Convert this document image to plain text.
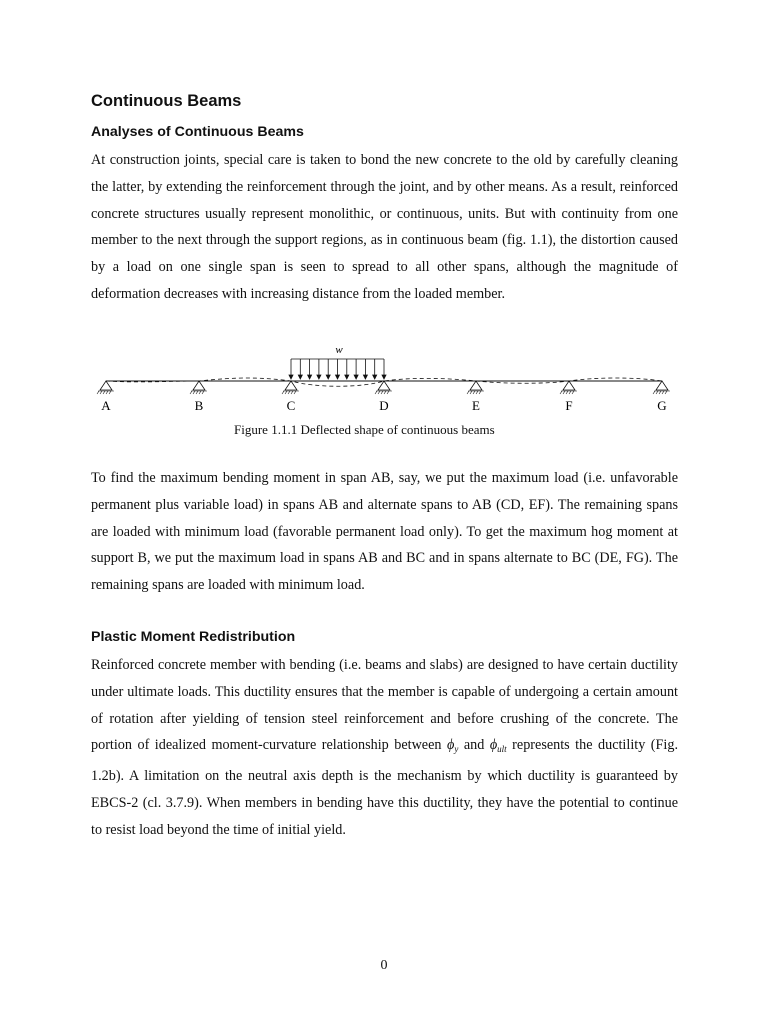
Continuous Beams
Analyses of Continuous Beams

At construction joints, special care is taken to bond the new concrete to the old by carefully cleaning the latter, by extending the reinforcement through the joint, and by other means. As a result, reinforced concrete structures usually represent monolithic, or continuous, units. But with continuity from one member to the next through the support regions, as in continuous beam (fig. 1.1), the distortion caused by a load on one single span is seen to spread to all other spans, although the magnitude of deformation decreases with increasing distance from the loaded member.

To find the maximum bending moment in span AB, say, we put the maximum load (i.e. unfavorable permanent plus variable load) in spans AB and alternate spans to AB (CD, EF). The remaining spans are loaded with minimum load (favorable permanent load only). To get the maximum hog moment at support B, we put the maximum load in spans AB and BC and in spans alternate to BC (DE, FG). The remaining spans are loaded with minimum load.

Plastic Moment Redistribution

Reinforced concrete member with bending (i.e. beams and slabs) are designed to have certain ductility under ultimate loads. This ductility ensures that the member is capable of undergoing a certain amount of rotation after yielding of tension steel reinforcement and before crushing of the concrete. The portion of idealized moment-curvature relationship between $\phi_y$ and $\phi_{ult}$ represents the ductility (Fig. 1.2b). A limitation on the neutral axis depth is the mechanism by which ductility is guaranteed by EBCS-2 (cl. 3.7.9). When members in bending have this ductility, they have the potential to continue to resist load beyond the time of initial yield.

w
A	B	C	D	E	F	G
Figure 1.1.1 Deflected shape of continuous beams
0
